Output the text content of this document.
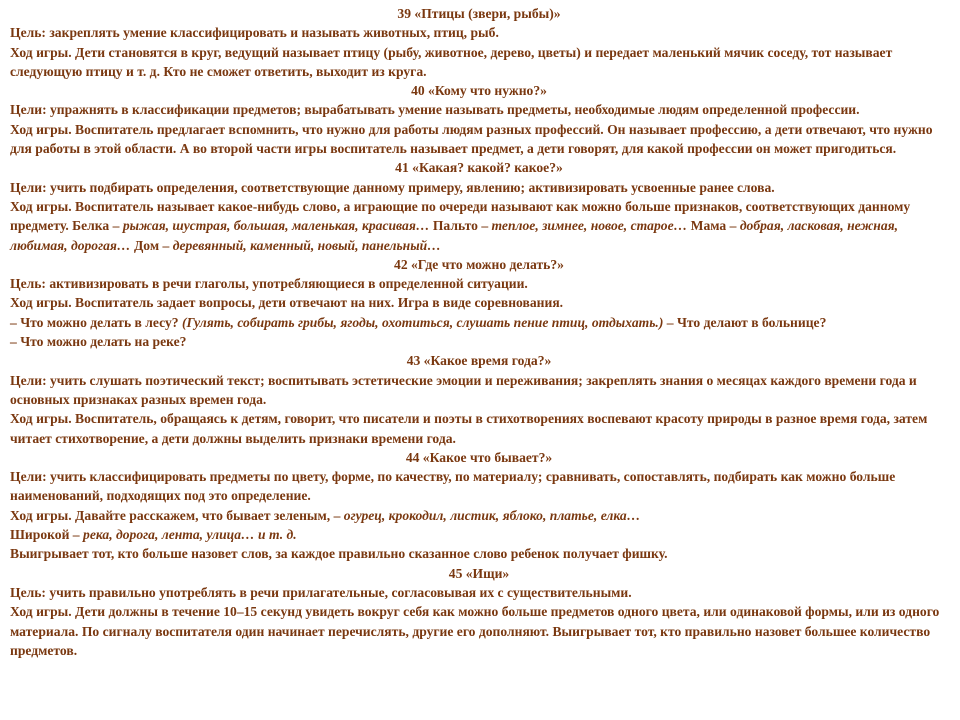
39 «Птицы (звери, рыбы)»
Цель: закреплять умение классифицировать и называть животных, птиц, рыб.
Ход игры. Дети становятся в круг, ведущий называет птицу (рыбу, животное, дерево, цветы) и передает маленький мячик соседу, тот называет следующую птицу и т. д. Кто не сможет ответить, выходит из круга.
40 «Кому что нужно?»
Цели: упражнять в классификации предметов; вырабатывать умение называть предметы, необходимые людям определенной профессии.
Ход игры. Воспитатель предлагает вспомнить, что нужно для работы людям разных профессий. Он называет профессию, а дети отвечают, что нужно для работы в этой области. А во второй части игры воспитатель называет предмет, а дети говорят, для какой профессии он может пригодиться.
41 «Какая? какой? какое?»
Цели: учить подбирать определения, соответствующие данному примеру, явлению; активизировать усвоенные ранее слова.
Ход игры. Воспитатель называет какое-нибудь слово, а играющие по очереди называют как можно больше признаков, соответствующих данному предмету. Белка – рыжая, шустрая, большая, маленькая, красивая… Пальто – теплое, зимнее, новое, старое… Мама – добрая, ласковая, нежная, любимая, дорогая… Дом – деревянный, каменный, новый, панельный…
42 «Где что можно делать?»
Цель: активизировать в речи глаголы, употребляющиеся в определенной ситуации.
Ход игры. Воспитатель задает вопросы, дети отвечают на них. Игра в виде соревнования.
– Что можно делать в лесу? (Гулять, собирать грибы, ягоды, охотиться, слушать пение птиц, отдыхать.) – Что делают в больнице?
– Что можно делать на реке?
43 «Какое время года?»
Цели: учить слушать поэтический текст; воспитывать эстетические эмоции и переживания; закреплять знания о месяцах каждого времени года и основных признаках разных времен года.
Ход игры. Воспитатель, обращаясь к детям, говорит, что писатели и поэты в стихотворениях воспевают красоту природы в разное время года, затем читает стихотворение, а дети должны выделить признаки времени года.
44 «Какое что бывает?»
Цели: учить классифицировать предметы по цвету, форме, по качеству, по материалу; сравнивать, сопоставлять, подбирать как можно больше наименований, подходящих под это определение.
Ход игры. Давайте расскажем, что бывает зеленым, – огурец, крокодил, листик, яблоко, платье, елка…
Широкой – река, дорога, лента, улица… и т. д.
Выигрывает тот, кто больше назовет слов, за каждое правильно сказанное слово ребенок получает фишку.
45 «Ищи»
Цель: учить правильно употреблять в речи прилагательные, согласовывая их с существительными.
Ход игры. Дети должны в течение 10–15 секунд увидеть вокруг себя как можно больше предметов одного цвета, или одинаковой формы, или из одного материала. По сигналу воспитателя один начинает перечислять, другие его дополняют. Выигрывает тот, кто правильно назовет большее количество предметов.
